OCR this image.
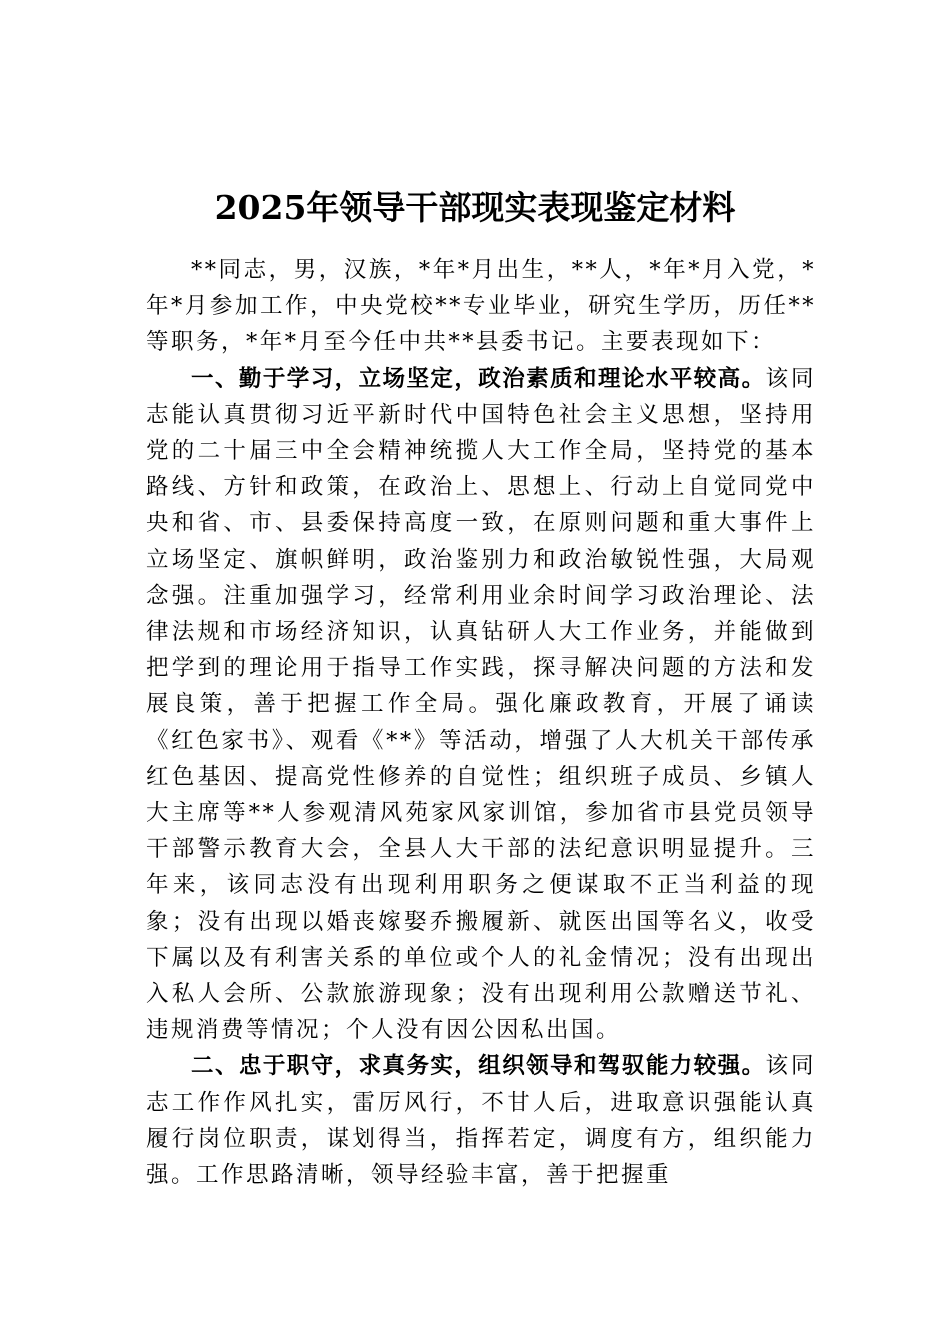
2025年领导干部现实表现鉴定材料

**同志，男，汉族，*年*月出生，**人，*年*月入党，*年*月参加工作，中央党校**专业毕业，研究生学历，历任**等职务，*年*月至今任中共**县委书记。主要表现如下：

一、勤于学习，立场坚定，政治素质和理论水平较高。该同志能认真贯彻习近平新时代中国特色社会主义思想，坚持用党的二十届三中全会精神统揽人大工作全局，坚持党的基本路线、方针和政策，在政治上、思想上、行动上自觉同党中央和省、市、县委保持高度一致，在原则问题和重大事件上立场坚定、旗帜鲜明，政治鉴别力和政治敏锐性强，大局观念强。注重加强学习，经常利用业余时间学习政治理论、法律法规和市场经济知识，认真钻研人大工作业务，并能做到把学到的理论用于指导工作实践，探寻解决问题的方法和发展良策，善于把握工作全局。强化廉政教育，开展了诵读《红色家书》、观看《**》等活动，增强了人大机关干部传承红色基因、提高党性修养的自觉性；组织班子成员、乡镇人大主席等**人参观清风苑家风家训馆，参加省市县党员领导干部警示教育大会，全县人大干部的法纪意识明显提升。三年来，该同志没有出现利用职务之便谋取不正当利益的现象；没有出现以婚丧嫁娶乔搬履新、就医出国等名义，收受下属以及有利害关系的单位或个人的礼金情况；没有出现出入私人会所、公款旅游现象；没有出现利用公款赠送节礼、违规消费等情况；个人没有因公因私出国。

二、忠于职守，求真务实，组织领导和驾驭能力较强。该同志工作作风扎实，雷厉风行，不甘人后，进取意识强能认真履行岗位职责，谋划得当，指挥若定，调度有方，组织能力强。工作思路清晰，领导经验丰富，善于把握重
